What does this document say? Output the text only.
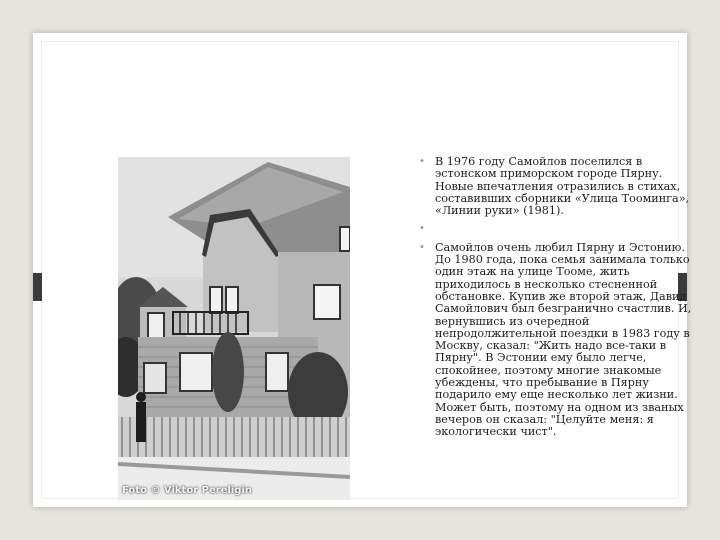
Foto © Viktor Pereligin

• В 1976 году Самойлов поселился в эстонском приморском городе Пярну. Новые впечатления отразились в стихах, составивших сборники «Улица Тооминга», «Линии руки» (1981).

•

• Самойлов очень любил Пярну и Эстонию. До 1980 года, пока семья занимала только один этаж на улице Тооме, жить приходилось в несколько стесненной обстановке. Купив же второй этаж, Давид Самойлович был безгранично счастлив. И, вернувшись из очередной непродолжительной поездки в 1983 году в Москву, сказал: "Жить надо все-таки в Пярну". В Эстонии ему было легче, спокойнее, поэтому многие знакомые убеждены, что пребывание в Пярну подарило ему еще несколько лет жизни. Может быть, поэтому на одном из званых вечеров он сказал: "Целуйте меня: я экологически чист".
